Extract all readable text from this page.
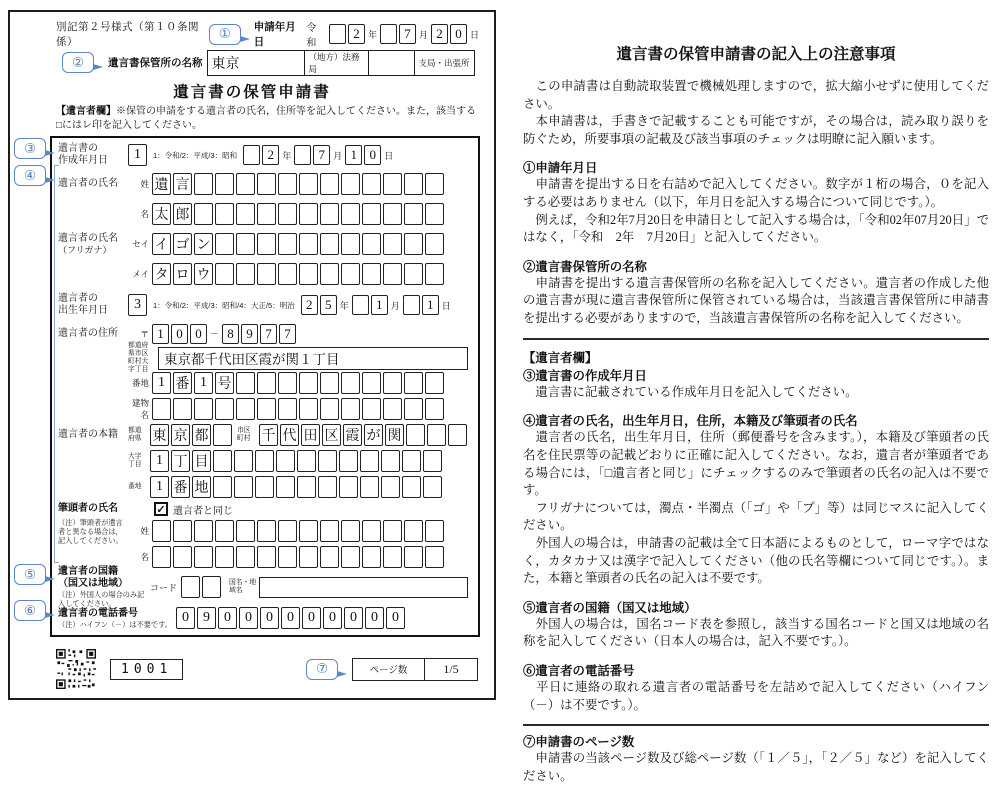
別記第２号様式（第１０条関係）
① 申請年月日
令和
2 年	7 月 2 0 日
② 遺言書保管所の名称 東京	（地方）法務局
支局・出張所
遺言書の保管申請書
【遺言者欄】※保管の申請をする遺言者の氏名，住所等を記入してください。また，該当する□にはレ印を記入してください。
③
④
⑤
⑥
遺言書の
作成年月日	1	1：令和/2：平成/3：昭和	2 年	7 月 1 0 日
遺言者の氏名	姓 遺 言
名 太 郎
遺言者の氏名
（フリガナ）
セイ イ ゴ ン
メイ タ ロ ウ
遺言者の
出生年月日	3	1：令和/2：平成/3：昭和/4：大正/5：明治 2 5 年	1 月	1 日
遺言者の住所	〒 1 0 0 － 8 9 7 7
都道府県市区町村大字丁目
東京都千代田区霞が関１丁目
番地 1 番 1 号
建物名
遺言者の本籍	都道府県 東 京 都	市区町村 千 代 田 区 霞 が 関
大字丁目	1 丁 目
番地	1 番 地
筆頭者の氏名	✓ 遺言者と同じ
（注）筆頭者が遺言者と異なる場合は，記入してください。
姓
名
遺言者の国籍
（国又は地域）
（注）外国人の場合のみ記入してください。
コード	国名・地域名
遺言者の電話番号
（注）ハイフン（－）は不要です。 0	9	0	0	0	0	0	0	0	0	0
1001	⑦	ページ数	1/5
遺言書の保管申請書の記入上の注意事項

　この申請書は自動読取装置で機械処理しますので，拡大縮小せずに使用してください。

　本申請書は，手書きで記載することも可能ですが，その場合は，読み取り誤りを防ぐため，所要事項の記載及び該当事項のチェックは明瞭に記入願います。

①申請年月日

　申請書を提出する日を右詰めで記入してください。数字が１桁の場合，０を記入する必要はありません（以下，年月日を記入する場合について同じです。）。

　例えば，令和2年7月20日を申請日として記入する場合は，「令和02年07月20日」ではなく，「令和　2年　7月20日」と記入してください。

②遺言書保管所の名称

　申請書を提出する遺言書保管所の名称を記入してください。遺言者の作成した他の遺言書が現に遺言書保管所に保管されている場合は，当該遺言書保管所に申請書を提出する必要がありますので，当該遺言書保管所の名称を記入してください。

【遺言者欄】
③遺言書の作成年月日

　遺言書に記載されている作成年月日を記入してください。

④遺言者の氏名，出生年月日，住所，本籍及び筆頭者の氏名

　遺言者の氏名，出生年月日，住所（郵便番号を含みます。），本籍及び筆頭者の氏名を住民票等の記載どおりに正確に記入してください。なお，遺言者が筆頭者である場合には，「□遺言者と同じ」にチェックするのみで筆頭者の氏名の記入は不要です。

　フリガナについては，濁点・半濁点（「ゴ」や「プ」等）は同じマスに記入してください。

　外国人の場合は，申請書の記載は全て日本語によるものとして，ローマ字ではなく，カタカナ又は漢字で記入してください（他の氏名等欄について同じです。）。また，本籍と筆頭者の氏名の記入は不要です。

⑤遺言者の国籍（国又は地域）

　外国人の場合は，国名コード表を参照し，該当する国名コードと国又は地域の名称を記入してください（日本人の場合は，記入不要です。）。

⑥遺言者の電話番号

　平日に連絡の取れる遺言者の電話番号を左詰めで記入してください（ハイフン（－）は不要です。）。

⑦申請書のページ数

　申請書の当該ページ数及び総ページ数（「１／５」，「２／５」など）を記入してください。
